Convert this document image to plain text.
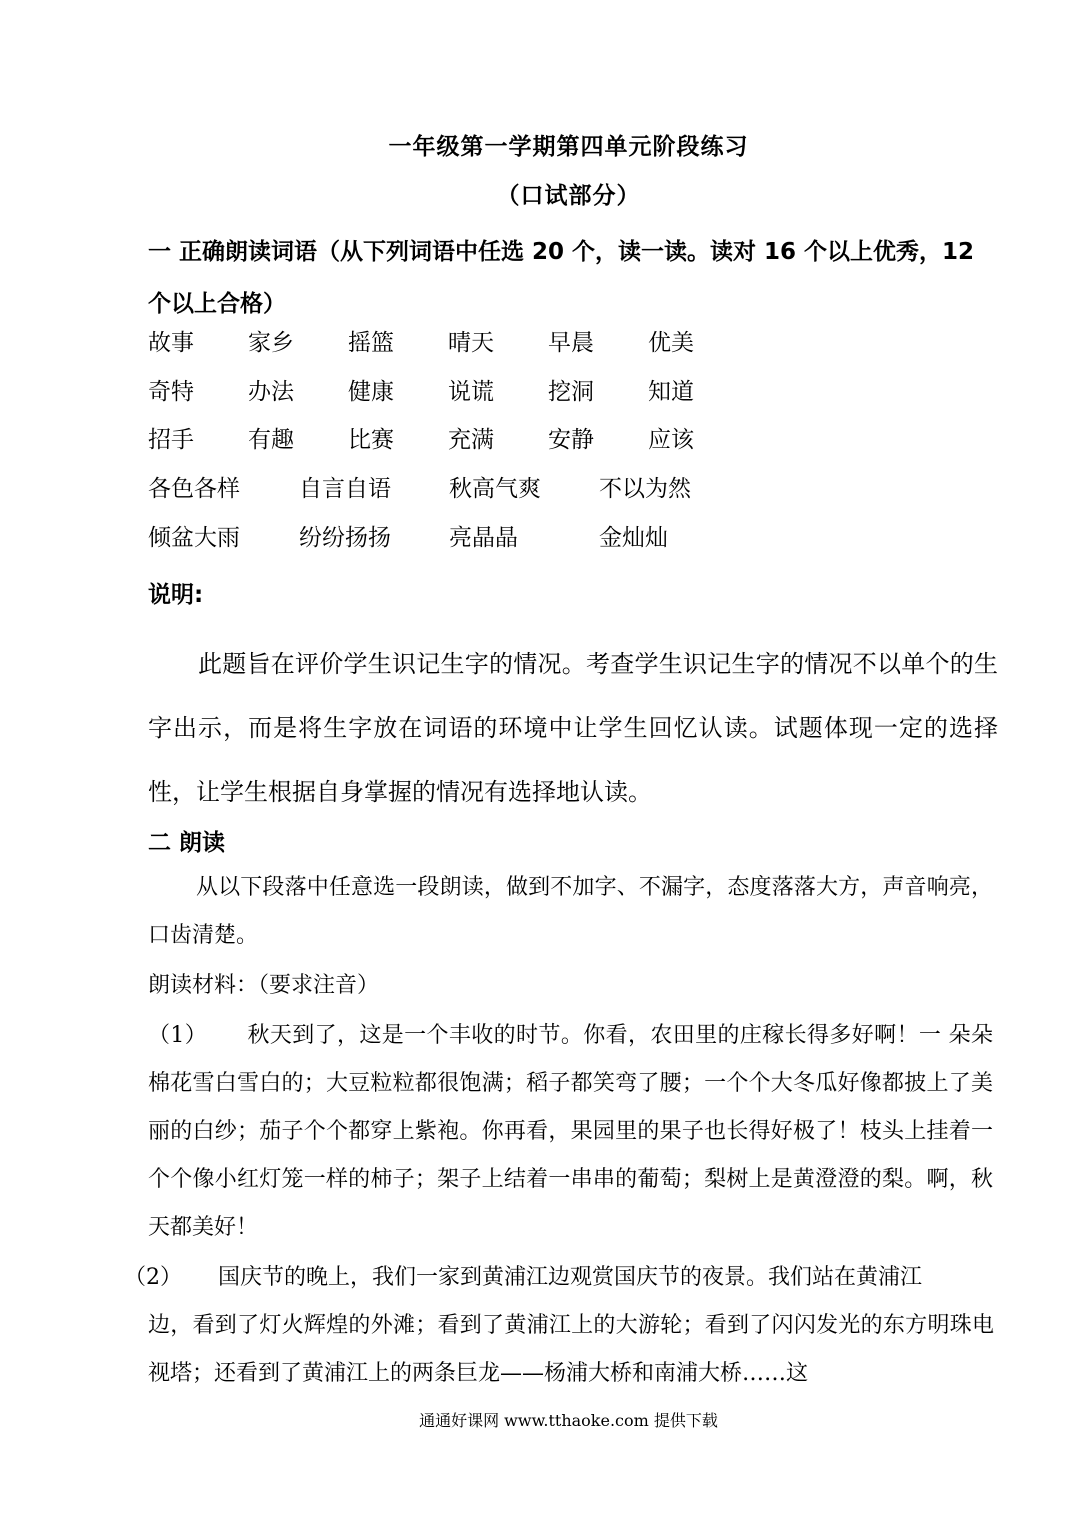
一年级第一学期第四单元阶段练习
（口试部分）
一 正确朗读词语（从下列词语中任选 20 个，读一读。读对 16 个以上优秀，12 个以上合格）
故事 家乡 摇篮 晴天 早晨 优美
奇特 办法 健康 说谎 挖洞 知道
招手 有趣 比赛 充满 安静 应该
各色各样	自言自语	秋高气爽	不以为然
倾盆大雨	纷纷扬扬	亮晶晶	金灿灿
说明:
此题旨在评价学生识记生字的情况。考查学生识记生字的情况不以单个的生字出示，而是将生字放在词语的环境中让学生回忆认读。试题体现一定的选择性，让学生根据自身掌握的情况有选择地认读。
二 朗读
从以下段落中任意选一段朗读，做到不加字、不漏字，态度落落大方，声音响亮，口齿清楚。
朗读材料：（要求注音）
（1） 秋天到了，这是一个丰收的时节。你看，农田里的庄稼长得多好啊！一 朵朵棉花雪白雪白的；大豆粒粒都很饱满；稻子都笑弯了腰；一个个大冬瓜好像都披上了美丽的白纱；茄子个个都穿上紫袍。你再看，果园里的果子也长得好极了！枝头上挂着一个个像小红灯笼一样的柿子；架子上结着一串串的葡萄；梨树上是黄澄澄的梨。啊，秋天都美好！
（2） 国庆节的晚上，我们一家到黄浦江边观赏国庆节的夜景。我们站在黄浦江
边，看到了灯火辉煌的外滩；看到了黄浦江上的大游轮；看到了闪闪发光的东方明珠电视塔；还看到了黄浦江上的两条巨龙——杨浦大桥和南浦大桥……这
通通好课网 www.tthaoke.com 提供下载
